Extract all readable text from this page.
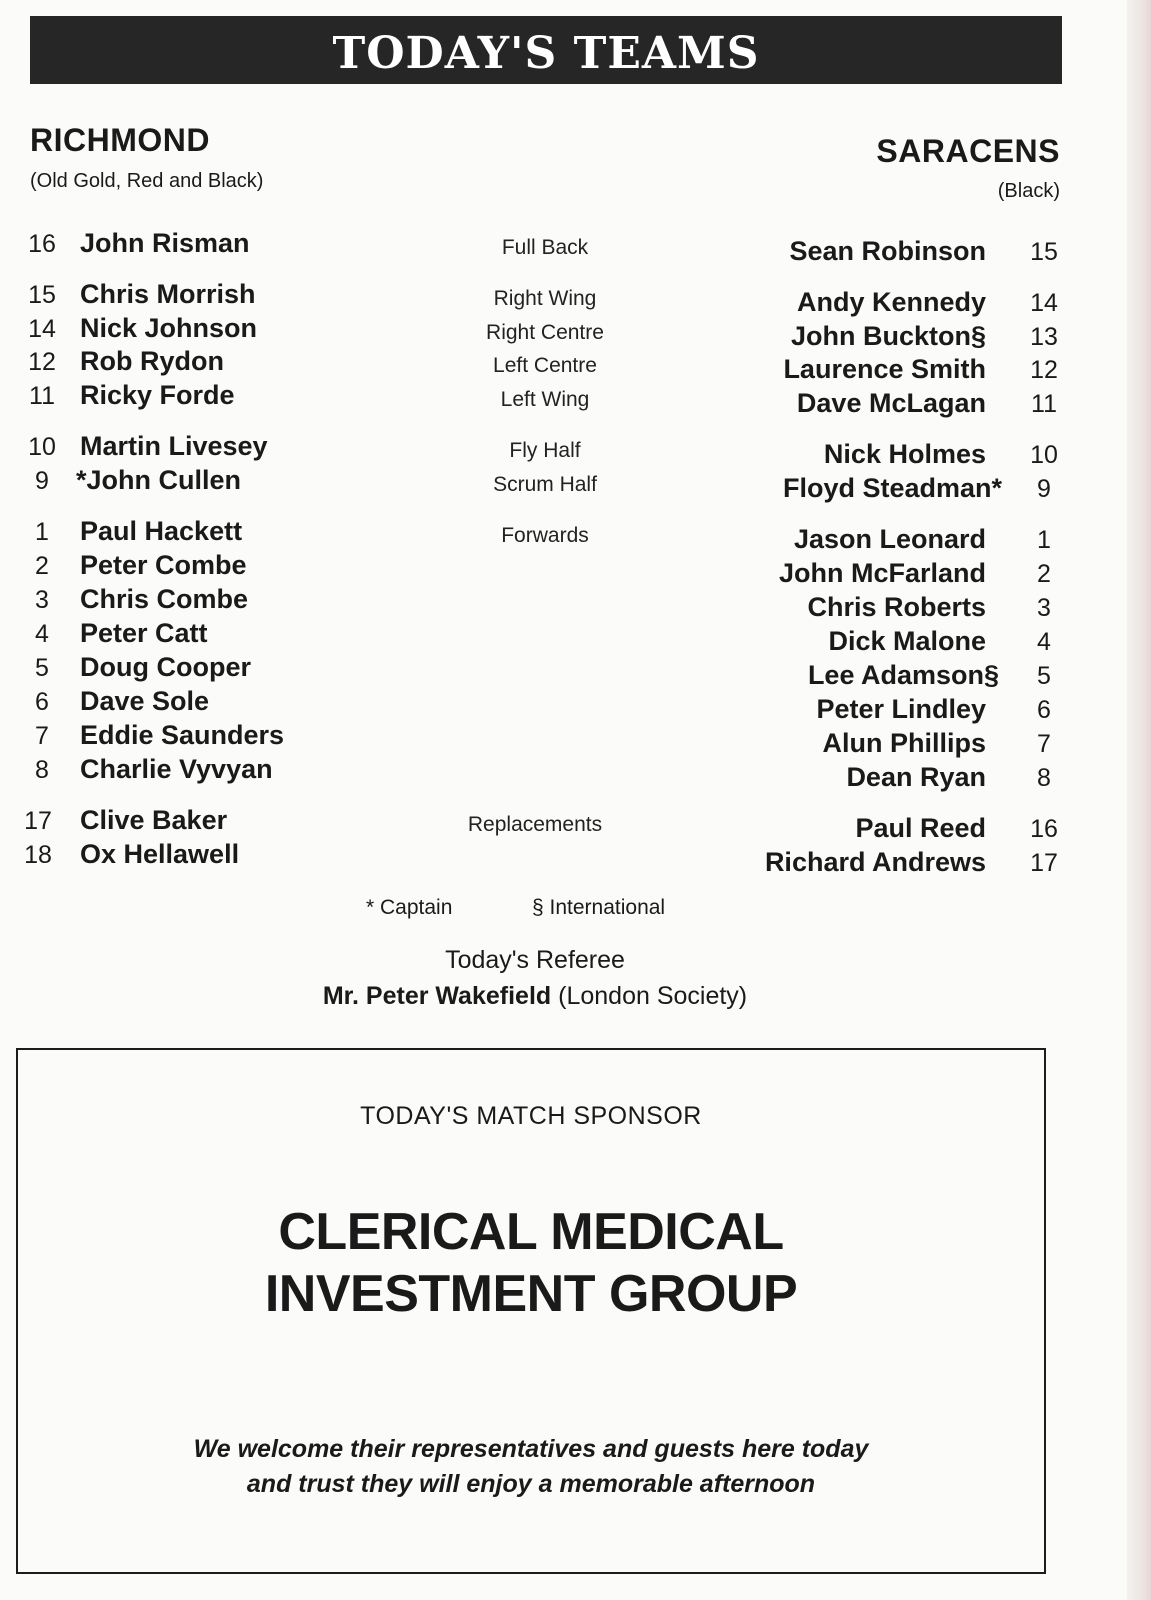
TODAY'S TEAMS
RICHMOND
(Old Gold, Red and Black)
SARACENS
(Black)
16 John Risman	Full Back	Sean Robinson	15
15 Chris Morrish	Right Wing	Andy Kennedy	14
14 Nick Johnson	Right Centre	John Buckton§	13
12 Rob Rydon	Left Centre	Laurence Smith	12
11 Ricky Forde	Left Wing	Dave McLagan	11
10 Martin Livesey	Fly Half	Nick Holmes	10
9	*John Cullen	Scrum Half	Floyd Steadman*	9
1	Paul Hackett	Forwards	Jason Leonard	1
2	Peter Combe	John McFarland	2
3	Chris Combe	Chris Roberts	3
4	Peter Catt	Dick Malone	4
5	Doug Cooper	Lee Adamson§	5
6	Dave Sole	Peter Lindley	6
7	Eddie Saunders	Alun Phillips	7
8	Charlie Vyvyan	Dean Ryan	8
17 Clive Baker	Replacements	Paul Reed	16
18 Ox Hellawell	Richard Andrews	17
* Captain	§ International
Today's Referee
Mr. Peter Wakefield (London Society)
TODAY'S MATCH SPONSOR
CLERICAL MEDICAL
INVESTMENT GROUP
We welcome their representatives and guests here today
and trust they will enjoy a memorable afternoon
